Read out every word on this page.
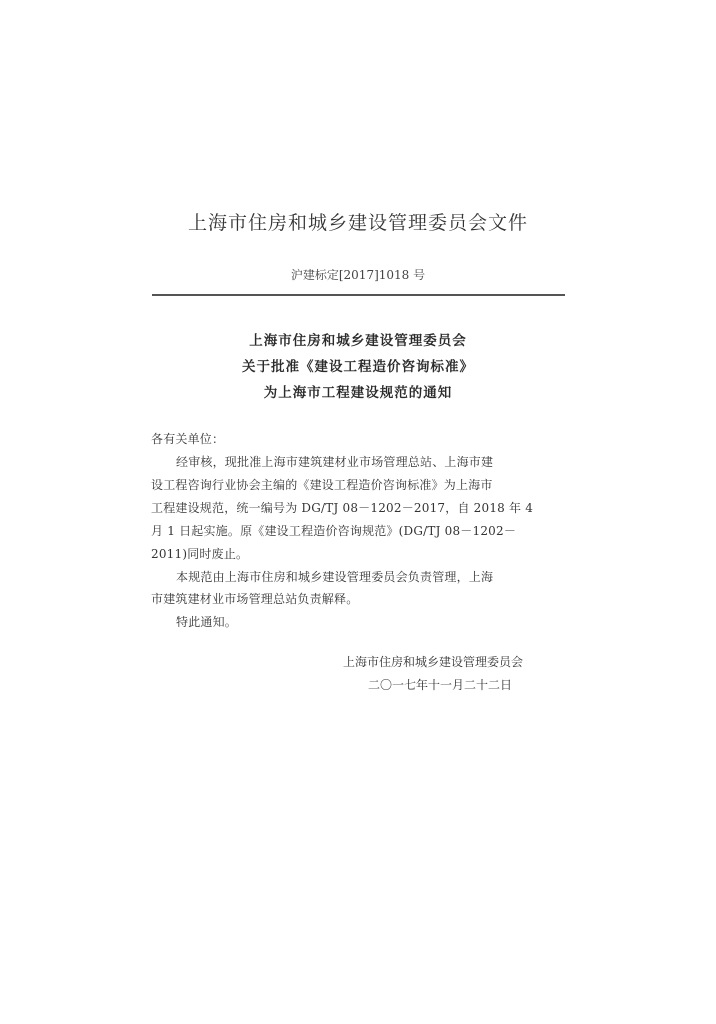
上海市住房和城乡建设管理委员会文件
沪建标定[2017]1018 号
上海市住房和城乡建设管理委员会
关于批准《建设工程造价咨询标准》
为上海市工程建设规范的通知
各有关单位：
经审核，现批准上海市建筑建材业市场管理总站、上海市建
设工程咨询行业协会主编的《建设工程造价咨询标准》为上海市
工程建设规范，统一编号为 DG/TJ 08－1202－2017，自 2018 年 4
月 1 日起实施。原《建设工程造价咨询规范》(DG/TJ 08－1202－
2011)同时废止。
本规范由上海市住房和城乡建设管理委员会负责管理，上海
市建筑建材业市场管理总站负责解释。
特此通知。
上海市住房和城乡建设管理委员会
二〇一七年十一月二十二日
